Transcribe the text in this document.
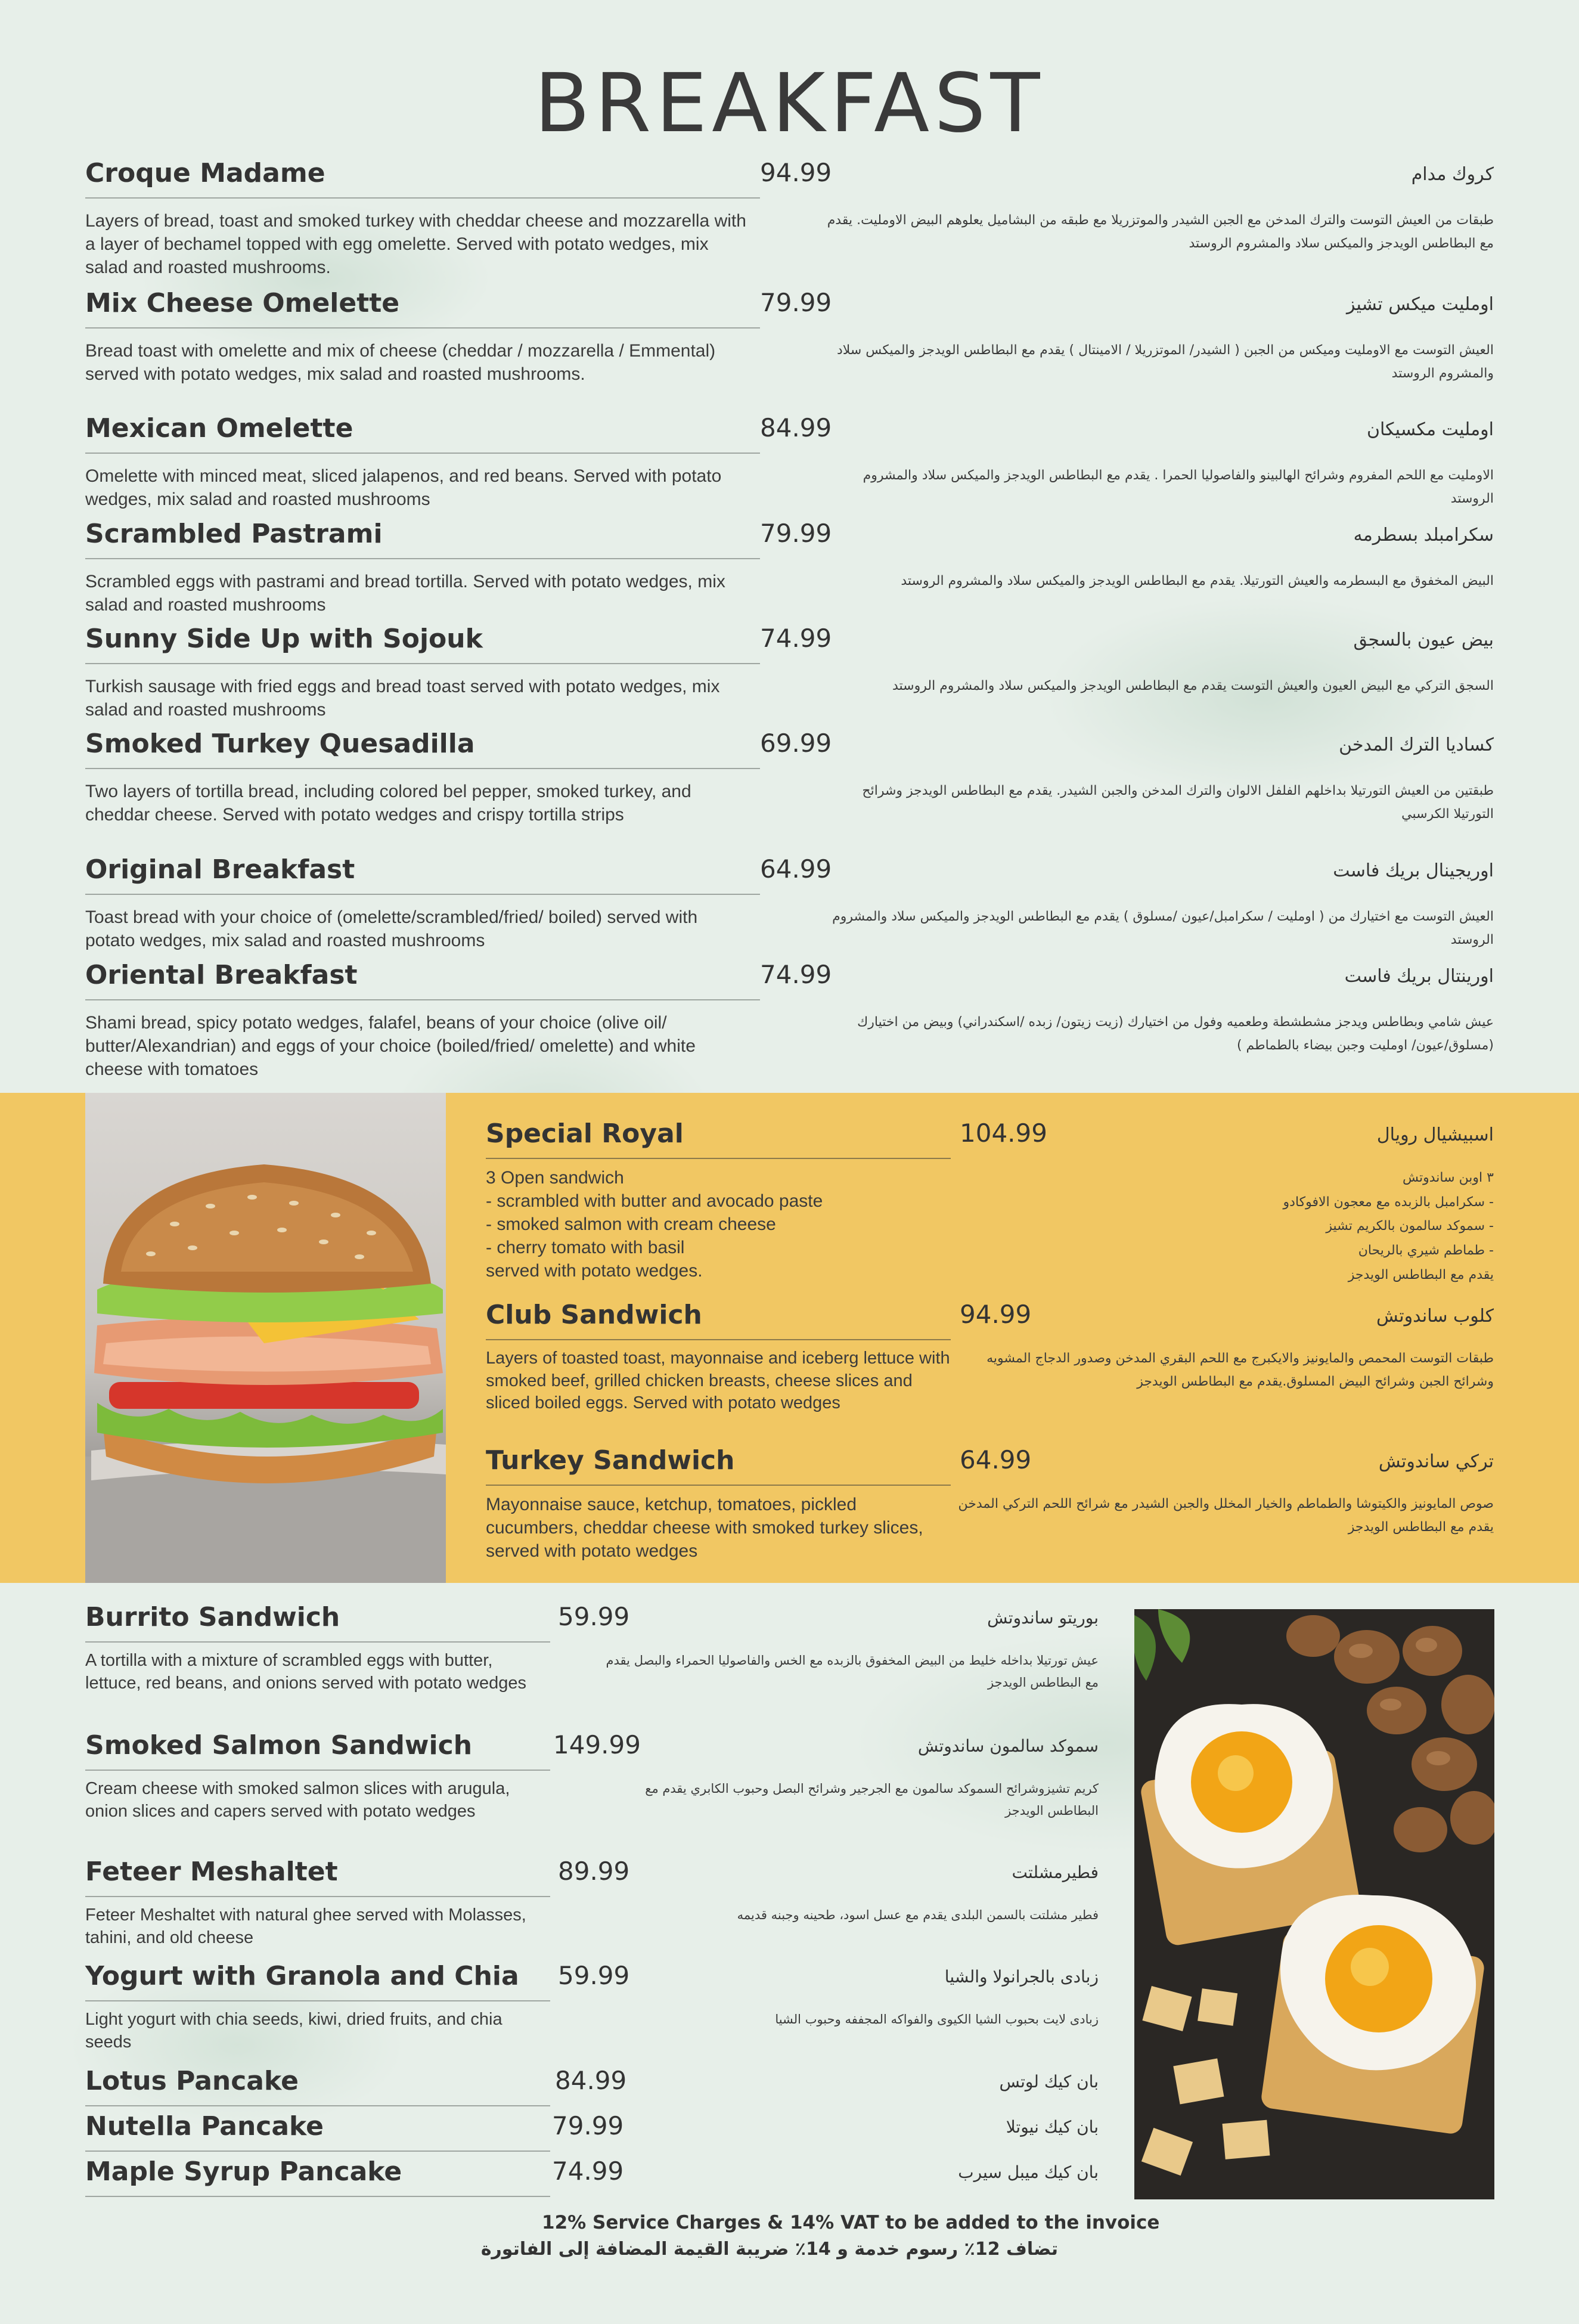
BREAKFAST
Croque Madame	94.99	كروك مدام
Layers of bread, toast and smoked turkey with cheddar cheese and mozzarella with a layer of bechamel topped with egg omelette. Served with potato wedges, mix salad and roasted mushrooms.
طبقات من العيش التوست والترك المدخن مع الجبن الشيدر والموتزريلا مع طبقه من البشاميل يعلوهم البيض الاومليت. يقدم مع البطاطس الويدجز والميكس سلاد والمشروم الروستد
Mix Cheese Omelette	79.99	اومليت ميكس تشيز
Bread toast with omelette and mix of cheese (cheddar / mozzarella / Emmental) served with potato wedges, mix salad and roasted mushrooms.
العيش التوست مع الاومليت وميكس من الجبن ( الشيدر/ الموتزريلا / الامينتال ) يقدم مع البطاطس الويدجز والميكس سلاد والمشروم الروستد
Mexican Omelette	84.99	اومليت مكسيكان
Omelette with minced meat, sliced jalapenos, and red beans. Served with potato wedges, mix salad and roasted mushrooms
الاومليت مع اللحم المفروم وشرائح الهالبينو والفاصوليا الحمرا . يقدم مع البطاطس الويدجز والميكس سلاد والمشروم الروستد
Scrambled Pastrami	79.99	سكرامبلد بسطرمه
Scrambled eggs with pastrami and bread tortilla. Served with potato wedges, mix salad and roasted mushrooms
البيض المخفوق مع البسطرمه والعيش التورتيلا. يقدم مع البطاطس الويدجز والميكس سلاد والمشروم الروستد
Sunny Side Up with Sojouk	74.99	بيض عيون بالسجق
Turkish sausage with fried eggs and bread toast served with potato wedges, mix salad and roasted mushrooms
السجق التركي مع البيض العيون والعيش التوست يقدم مع البطاطس الويدجز والميكس سلاد والمشروم الروستد
Smoked Turkey Quesadilla	69.99	كساديا الترك المدخن
Two layers of tortilla bread, including colored bel pepper, smoked turkey, and cheddar cheese. Served with potato wedges and crispy tortilla strips
طبقتين من العيش التورتيلا بداخلهم الفلفل الالوان والترك المدخن والجبن الشيدر. يقدم مع البطاطس الويدجز وشرائح التورتيلا الكرسبي
Original Breakfast	64.99	اوريجينال بريك فاست
Toast bread with your choice of (omelette/scrambled/fried/ boiled) served with potato wedges, mix salad and roasted mushrooms
العيش التوست مع اختيارك من ( اومليت / سكرامبل/عيون /مسلوق ) يقدم مع البطاطس الويدجز والميكس سلاد والمشروم الروستد
Oriental Breakfast	74.99	اورينتال بريك فاست
Shami bread, spicy potato wedges, falafel, beans of your choice (olive oil/ butter/Alexandrian) and eggs of your choice (boiled/fried/ omelette) and white cheese with tomatoes
عيش شامي وبطاطس ويدجز مشطشطة وطعميه وفول من اختيارك (زيت زيتون/ زبده /اسكندراني) وبيض من اختيارك (مسلوق/عيون/ اومليت وجبن بيضاء بالطماطم )
Special Royal	104.99	اسبيشيال رويال
3 Open sandwich
- scrambled with butter and avocado paste
- smoked salmon with cream cheese
- cherry tomato with basil
served with potato wedges.
٣ اوبن ساندوتش
- سكرامبل بالزبده مع معجون الافوكادو
- سموكد سالمون بالكريم تشيز
- طماطم شيري بالريحان
يقدم مع البطاطس الويدجز
Club Sandwich	94.99	كلوب ساندوتش
Layers of toasted toast, mayonnaise and iceberg lettuce with smoked beef, grilled chicken breasts, cheese slices and sliced boiled eggs. Served with potato wedges
طبقات التوست المحمص والمايونيز والايكبرج مع اللحم البقري المدخن وصدور الدجاج المشويه وشرائح الجبن وشرائح البيض المسلوق.يقدم مع البطاطس الويدجز
Turkey Sandwich	64.99	ترکي ساندوتش
Mayonnaise sauce, ketchup, tomatoes, pickled cucumbers, cheddar cheese with smoked turkey slices, served with potato wedges
صوص المايونيز والكيتوشا والطماطم والخيار المخلل والجبن الشيدر مع شرائح اللحم الترکي المدخن يقدم مع البطاطس الويدجز
Burrito Sandwich	59.99	بوريتو ساندوتش
A tortilla with a mixture of scrambled eggs with butter, lettuce, red beans, and onions served with potato wedges
عيش تورتيلا بداخله خليط من البيض المخفوق بالزبده مع الخس والفاصوليا الحمراء والبصل يقدم مع البطاطس الويدجز
Smoked Salmon Sandwich	149.99	سموكد سالمون ساندوتش
Cream cheese with smoked salmon slices with arugula, onion slices and capers served with potato wedges
كريم تشيزوشرائح السموكد سالمون مع الجرجير وشرائح البصل وحبوب الكابري يقدم مع البطاطس الويدجز
Feteer Meshaltet	89.99	فطيرمشلتت
Feteer Meshaltet with natural ghee served with Molasses, tahini, and old cheese
فطير مشلتت بالسمن البلدى يقدم مع عسل اسود، طحينه وجبنه قديمه
Yogurt with Granola and Chia 59.99	زبادى بالجرانولا والشيا
Light yogurt with chia seeds, kiwi, dried fruits, and chia seeds
زبادى لايت بحبوب الشيا الكيوى والفواكه المجففه وحبوب الشيا
Lotus Pancake	84.99	بان كيك لوتس
Nutella Pancake	79.99	بان كيك نيوتلا
Maple Syrup Pancake	74.99	بان كيك ميبل سيرب
12% Service Charges & 14% VAT to be added to the invoice
تضاف 12٪ رسوم خدمة و 14٪ ضريبة القيمة المضافة إلى الفاتورة
